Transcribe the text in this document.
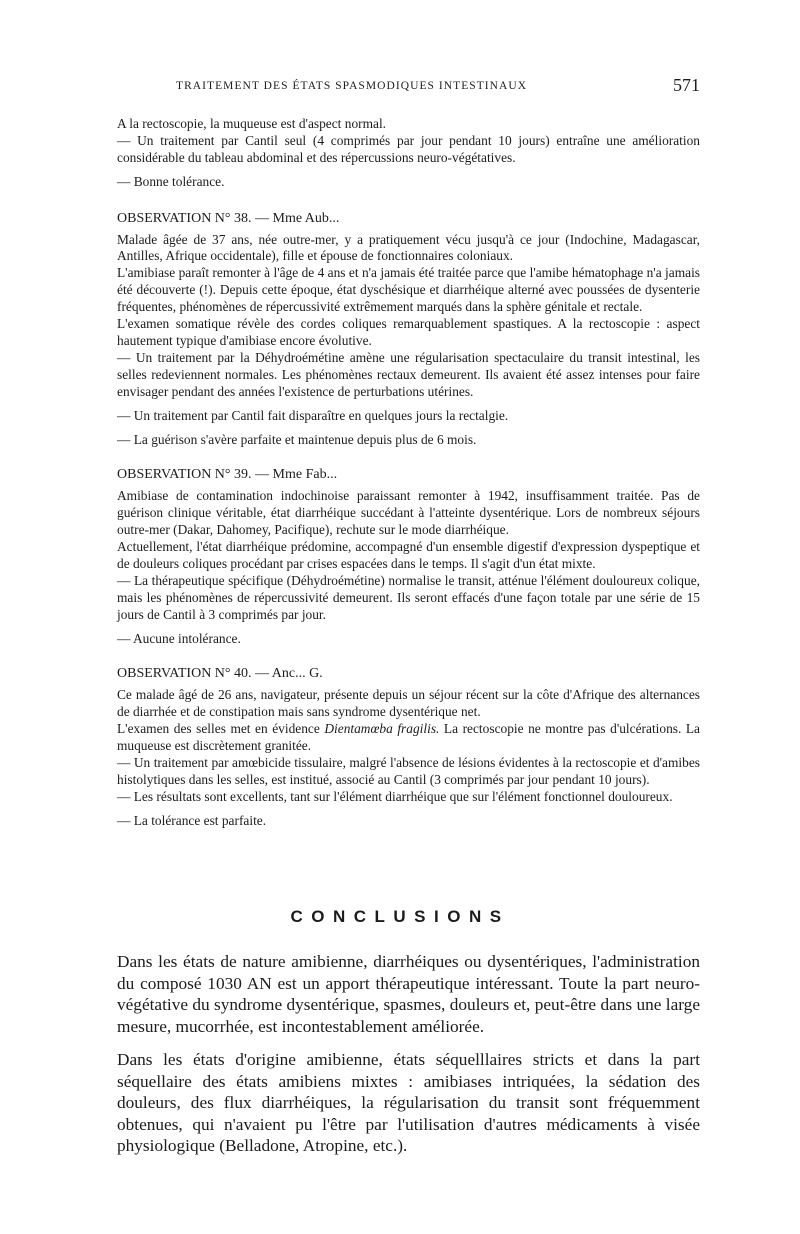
TRAITEMENT DES ÉTATS SPASMODIQUES INTESTINAUX	571

A la rectoscopie, la muqueuse est d'aspect normal.

— Un traitement par Cantil seul (4 comprimés par jour pendant 10 jours) entraîne une amélioration considérable du tableau abdominal et des répercussions neuro-végétatives.

— Bonne tolérance.

OBSERVATION N° 38. — Mme Aub...

Malade âgée de 37 ans, née outre-mer, y a pratiquement vécu jusqu'à ce jour (Indochine, Madagascar, Antilles, Afrique occidentale), fille et épouse de fonctionnaires coloniaux.

L'amibiase paraît remonter à l'âge de 4 ans et n'a jamais été traitée parce que l'amibe hématophage n'a jamais été découverte (!). Depuis cette époque, état dyschésique et diarrhéique alterné avec poussées de dysenterie fréquentes, phénomènes de répercussivité extrêmement marqués dans la sphère génitale et rectale.

L'examen somatique révèle des cordes coliques remarquablement spastiques. A la rectoscopie : aspect hautement typique d'amibiase encore évolutive.

— Un traitement par la Déhydroémétine amène une régularisation spectaculaire du transit intestinal, les selles redeviennent normales. Les phénomènes rectaux demeurent. Ils avaient été assez intenses pour faire envisager pendant des années l'existence de perturbations utérines.

— Un traitement par Cantil fait disparaître en quelques jours la rectalgie.

— La guérison s'avère parfaite et maintenue depuis plus de 6 mois.

OBSERVATION N° 39. — Mme Fab...

Amibiase de contamination indochinoise paraissant remonter à 1942, insuffisamment traitée. Pas de guérison clinique véritable, état diarrhéique succédant à l'atteinte dysentérique. Lors de nombreux séjours outre-mer (Dakar, Dahomey, Pacifique), rechute sur le mode diarrhéique.

Actuellement, l'état diarrhéique prédomine, accompagné d'un ensemble digestif d'expression dyspeptique et de douleurs coliques procédant par crises espacées dans le temps. Il s'agit d'un état mixte.

— La thérapeutique spécifique (Déhydroémétine) normalise le transit, atténue l'élément douloureux colique, mais les phénomènes de répercussivité demeurent. Ils seront effacés d'une façon totale par une série de 15 jours de Cantil à 3 comprimés par jour.

— Aucune intolérance.

OBSERVATION N° 40. — Anc... G.

Ce malade âgé de 26 ans, navigateur, présente depuis un séjour récent sur la côte d'Afrique des alternances de diarrhée et de constipation mais sans syndrome dysentérique net.

L'examen des selles met en évidence Dientamœba fragilis. La rectoscopie ne montre pas d'ulcérations. La muqueuse est discrètement granitée.

— Un traitement par amœbicide tissulaire, malgré l'absence de lésions évidentes à la rectoscopie et d'amibes histolytiques dans les selles, est institué, associé au Cantil (3 comprimés par jour pendant 10 jours).

— Les résultats sont excellents, tant sur l'élément diarrhéique que sur l'élément fonctionnel douloureux.

— La tolérance est parfaite.

CONCLUSIONS

Dans les états de nature amibienne, diarrhéiques ou dysentériques, l'administration du composé 1030 AN est un apport thérapeutique intéressant. Toute la part neuro-végétative du syndrome dysentérique, spasmes, douleurs et, peut-être dans une large mesure, mucorrhée, est incontestablement améliorée.

Dans les états d'origine amibienne, états séquelllaires stricts et dans la part séquellaire des états amibiens mixtes : amibiases intriquées, la sédation des douleurs, des flux diarrhéiques, la régularisation du transit sont fréquemment obtenues, qui n'avaient pu l'être par l'utilisation d'autres médicaments à visée physiologique (Belladone, Atropine, etc.).
